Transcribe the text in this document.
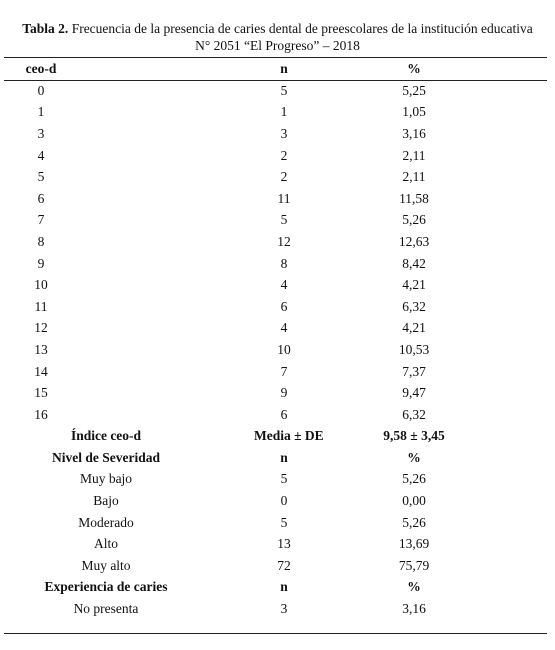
Tabla 2. Frecuencia de la presencia de caries dental de preescolares de la institución educativa
N° 2051 “El Progreso” – 2018
ceo-d	n	%
0	5	5,25
1	1	1,05
3	3	3,16
4	2	2,11
5	2	2,11
6	11	11,58
7	5	5,26
8	12	12,63
9	8	8,42
10	4	4,21
11	6	6,32
12	4	4,21
13	10	10,53
14	7	7,37
15	9	9,47
16	6	6,32
Índice ceo-d	Media ± DE	9,58 ± 3,45
Nivel de Severidad	n	%
Muy bajo	5	5,26
Bajo	0	0,00
Moderado	5	5,26
Alto	13	13,69
Muy alto	72	75,79
Experiencia de caries	n	%
No presenta	3	3,16
